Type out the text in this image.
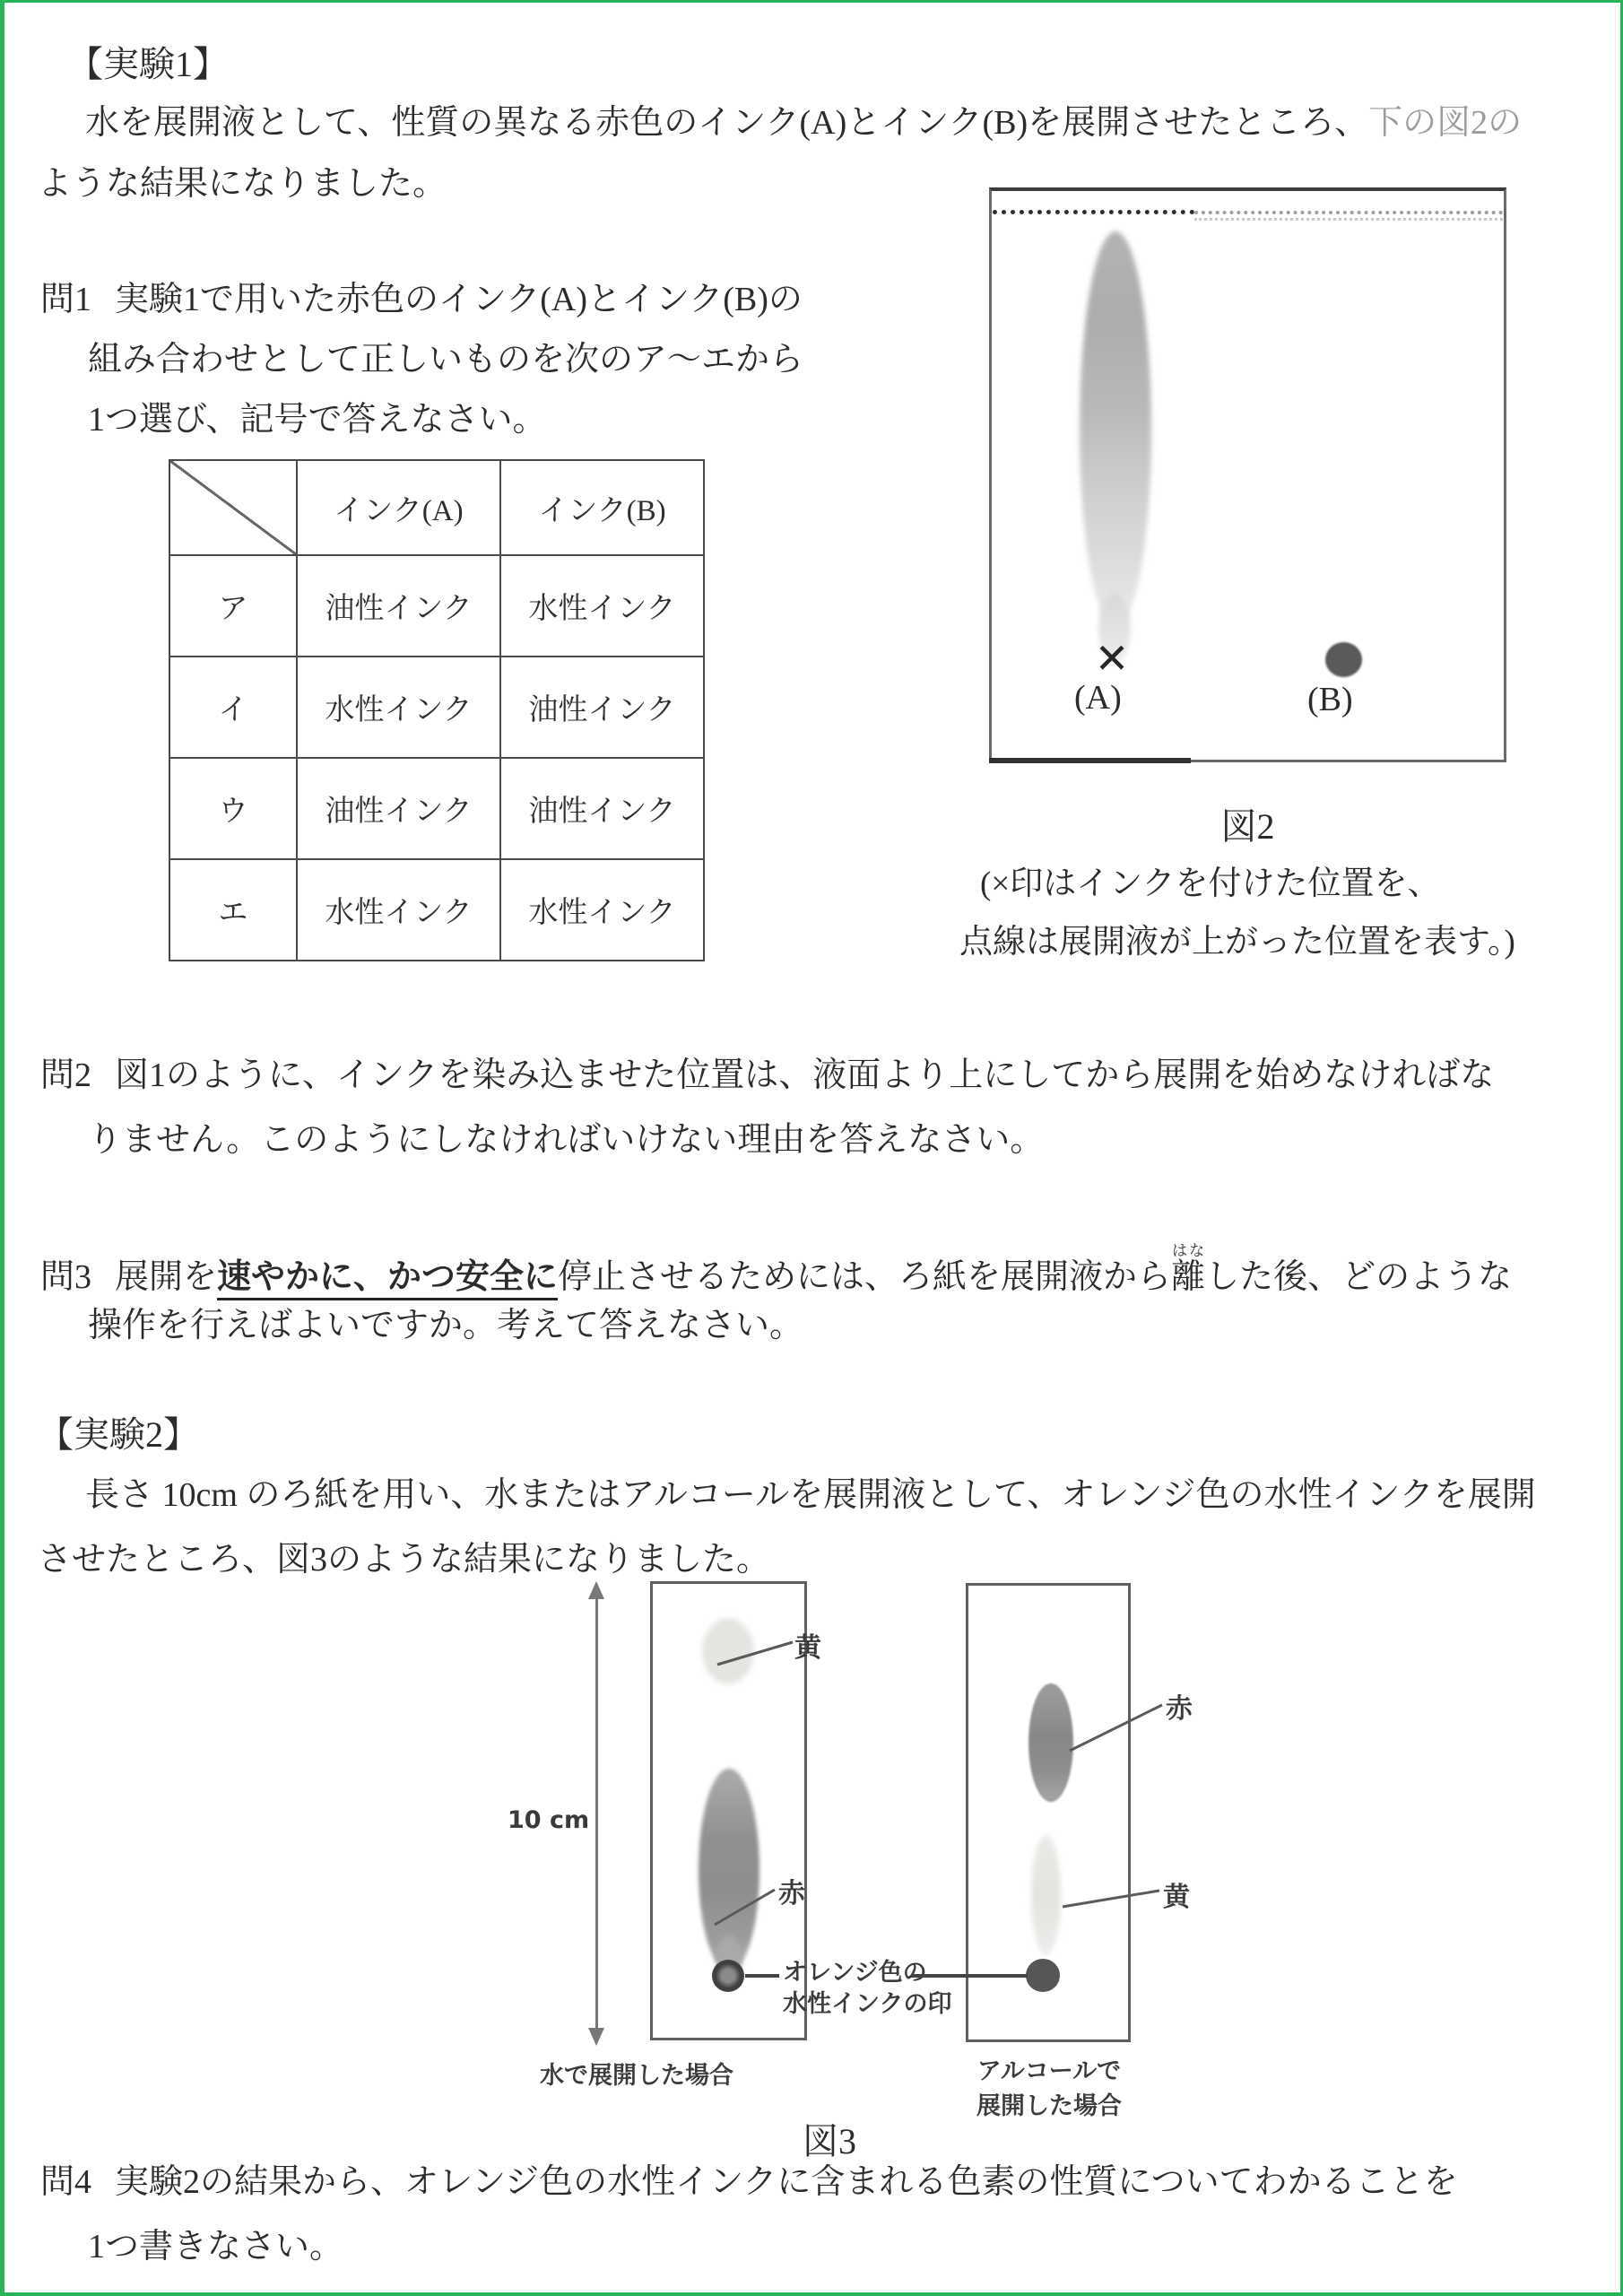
【実験1】
水を展開液として、性質の異なる赤色のインク(A)とインク(B)を展開させたところ、下の図2の
ような結果になりました。
問1 実験1で用いた赤色のインク(A)とインク(B)の
組み合わせとして正しいものを次のア〜エから
1つ選び、記号で答えなさい。
	インク(A)	インク(B)
ア	油性インク	水性インク
イ	水性インク	油性インク
ウ	油性インク	油性インク
エ	水性インク	水性インク
✕
(A)	(B)
図2
(×印はインクを付けた位置を、
点線は展開液が上がった位置を表す。)
問2 図1のように、インクを染み込ませた位置は、液面より上にしてから展開を始めなければな
りません。このようにしなければいけない理由を答えなさい。
問3 展開を速やかに、かつ安全に停止させるためには、ろ紙を展開液から離はなした後、どのような
操作を行えばよいですか。考えて答えなさい。
【実験2】
長さ 10cm のろ紙を用い、水またはアルコールを展開液として、オレンジ色の水性インクを展開
させたところ、図3のような結果になりました。
10 cm
黄
赤
赤
黄
オレンジ色の
水性インクの印
水で展開した場合	アルコールで
展開した場合
図3
問4 実験2の結果から、オレンジ色の水性インクに含まれる色素の性質についてわかることを
1つ書きなさい。
